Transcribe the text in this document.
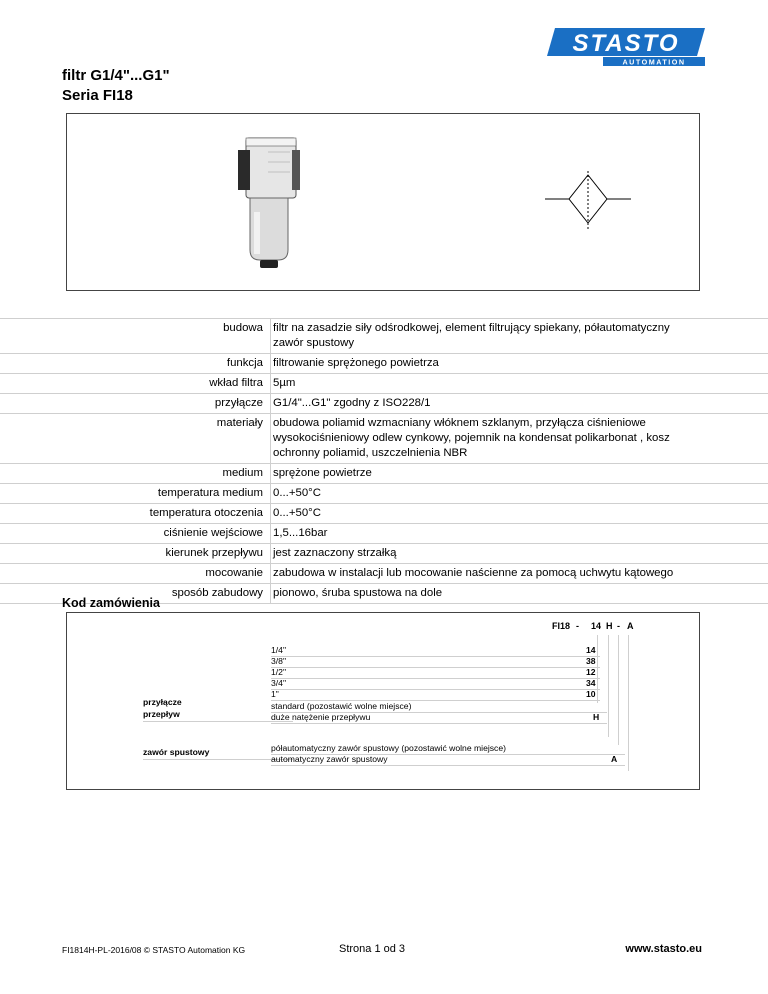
STASTO
AUTOMATION
filtr G1/4"...G1"
Seria FI18
budowa filtr na zasadzie siły odśrodkowej, element filtrujący spiekany, półautomatyczny zawór spustowy
funkcja filtrowanie sprężonego powietrza
wkład filtra 5µm
przyłącze G1/4"...G1" zgodny z ISO228/1
materiały obudowa poliamid wzmacniany włóknem szklanym, przyłącza ciśnieniowe wysokociśnieniowy odlew cynkowy, pojemnik na kondensat polikarbonat , kosz ochronny poliamid, uszczelnienia NBR
medium sprężone powietrze
temperatura medium 0...+50°C
temperatura otoczenia 0...+50°C
ciśnienie wejściowe 1,5...16bar
kierunek przepływu jest zaznaczony strzałką
mocowanie zabudowa w instalacji lub mocowanie naścienne za pomocą uchwytu kątowego
sposób zabudowy pionowo, śruba spustowa na dole
Kod zamówienia
FI18 - 14 H - A
przyłącze
przepływ
zawór spustowy
1/4"	14
3/8"	38
1/2"	12
3/4"	34
1"	10
standard (pozostawić wolne miejsce)
duże natężenie przepływu	H
półautomatyczny zawór spustowy (pozostawić wolne miejsce)
automatyczny zawór spustowy	A
FI1814H-PL-2016/08 © STASTO Automation KG	Strona 1 od 3	www.stasto.eu
